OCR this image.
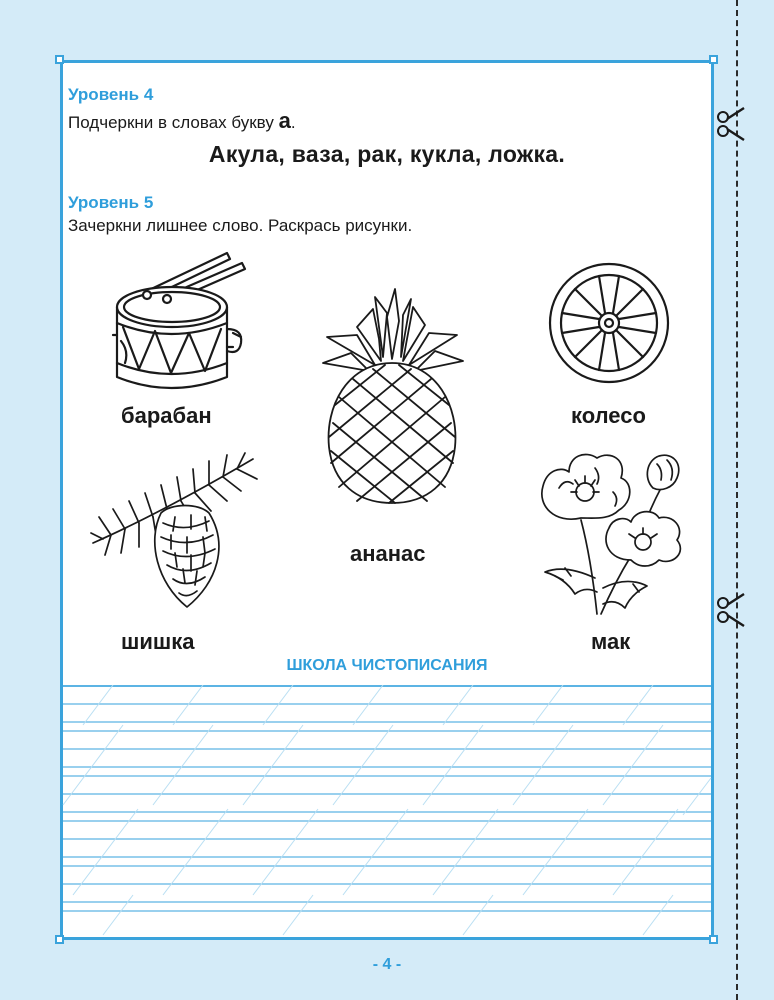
Уровень 4
Подчеркни в словах букву а.
Акула, ваза, рак, кукла, ложка.
Уровень 5
Зачеркни лишнее слово. Раскрась рисунки.
барабан
ананас
колесо
шишка	мак
ШКОЛА ЧИСТОПИСАНИЯ
- 4 -
